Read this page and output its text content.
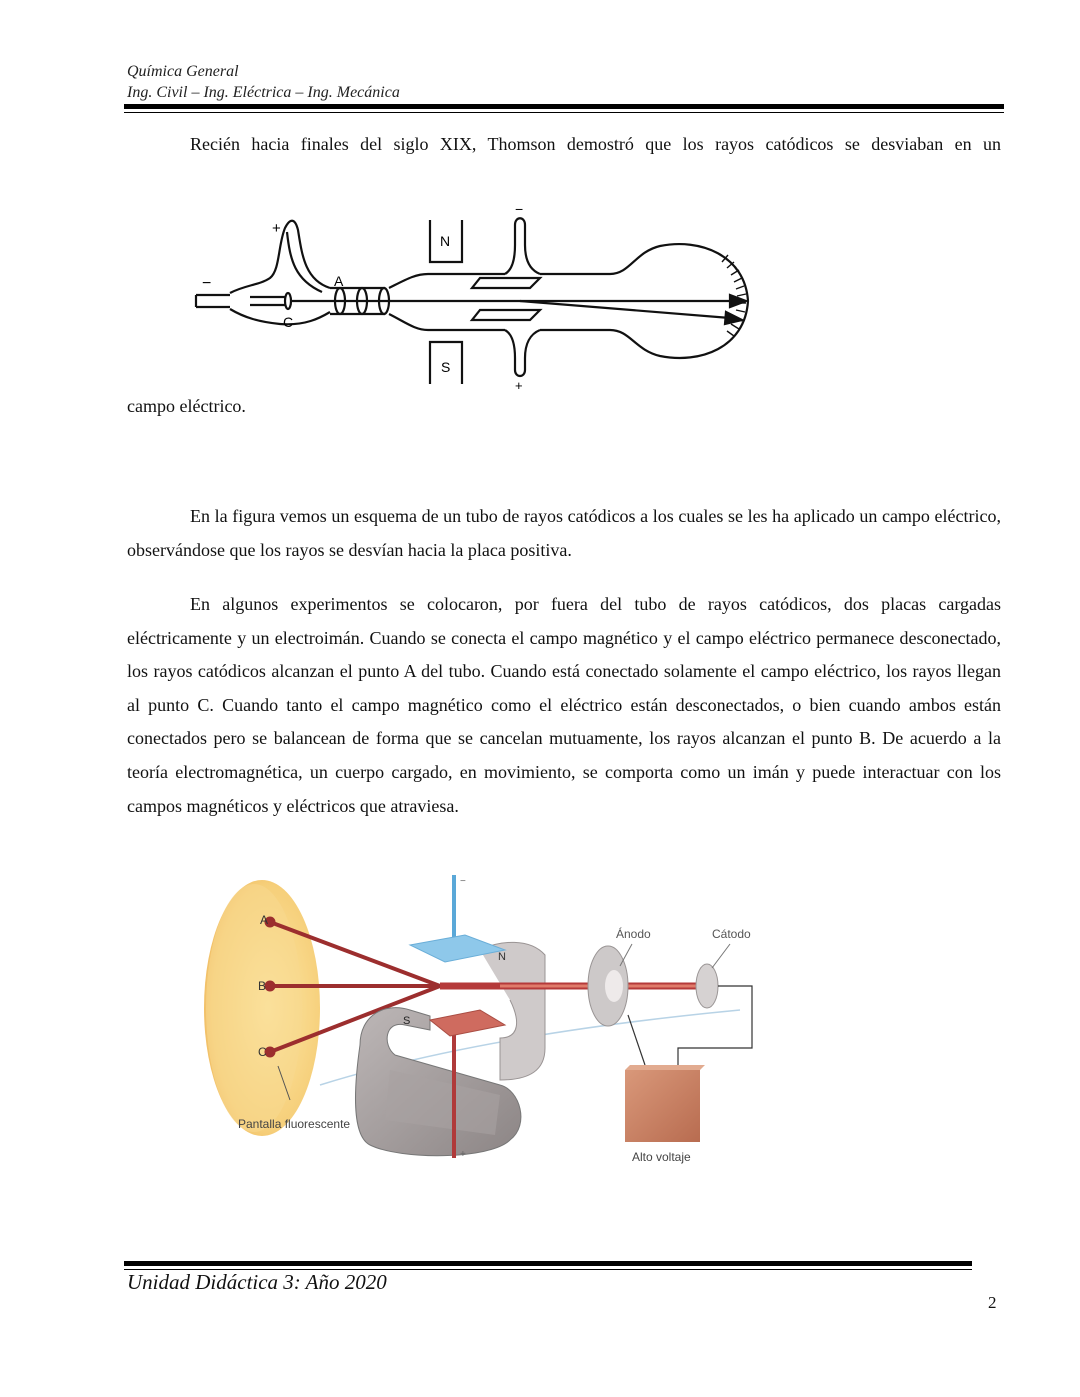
Química General
Ing. Civil – Ing. Eléctrica – Ing. Mecánica

Recién hacia finales del siglo XIX, Thomson demostró que los rayos catódicos se desviaban en un

+
−	A
C
N
S
−
+

campo eléctrico.

En la figura vemos un esquema de un tubo de rayos catódicos a los cuales se les ha aplicado un campo eléctrico, observándose que los rayos se desvían hacia la placa positiva.

En algunos experimentos se colocaron, por fuera del tubo de rayos catódicos, dos placas cargadas eléctricamente y un electroimán. Cuando se conecta el campo magnético y el campo eléctrico permanece desconectado, los rayos catódicos alcanzan el punto A del tubo. Cuando está conectado solamente el campo eléctrico, los rayos llegan al punto C. Cuando tanto el campo magnético como el eléctrico están desconectados, o bien cuando ambos están conectados pero se balancean de forma que se cancelan mutuamente, los rayos alcanzan el punto B. De acuerdo a la teoría electromagnética, un cuerpo cargado, en movimiento, se comporta como un imán y puede interactuar con los campos magnéticos y eléctricos que atraviesa.

A
B
C
N
S
Ánodo	Cátodo
Pantalla fluorescente
Alto voltaje
−
+
Unidad Didáctica 3: Año 2020
2
